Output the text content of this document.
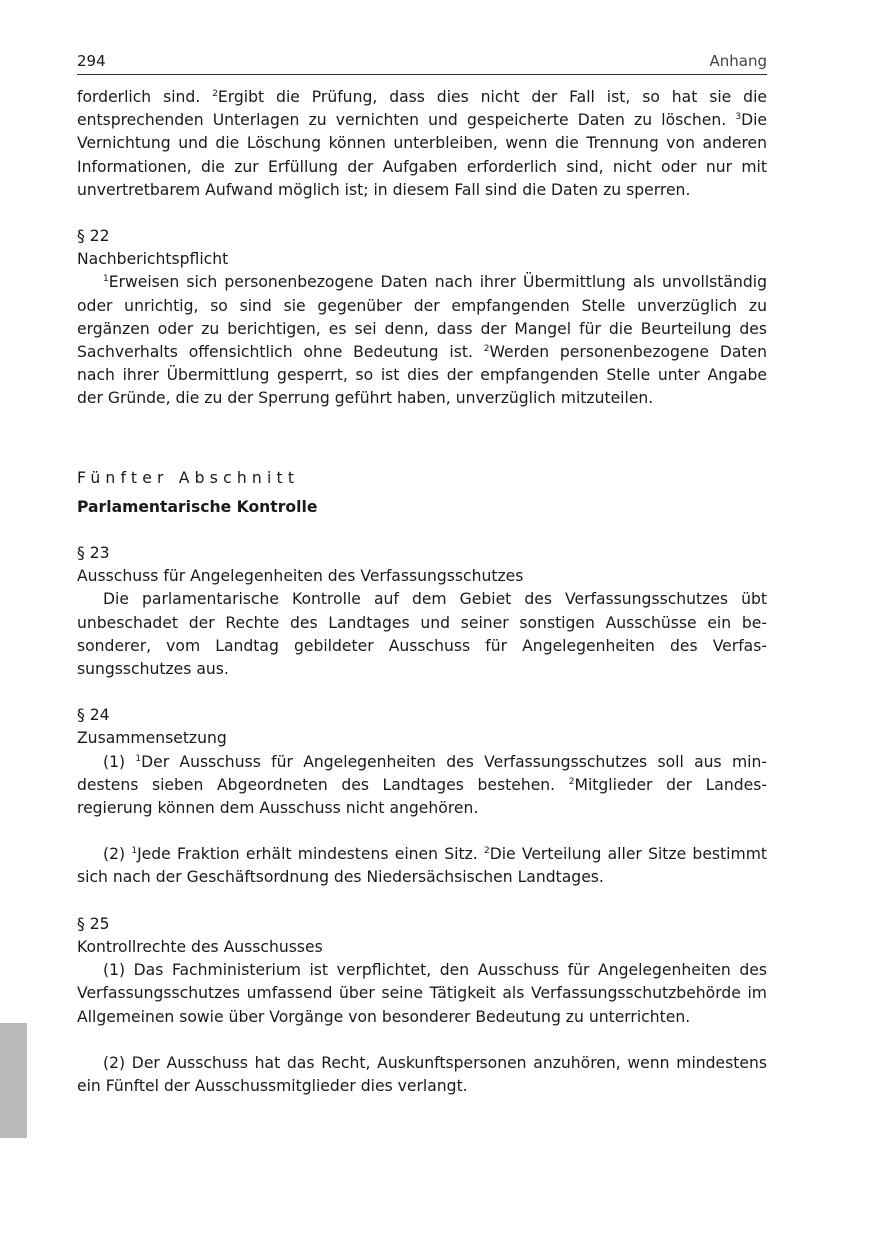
294	Anhang

forderlich sind. $^2$Ergibt die Prüfung, dass dies nicht der Fall ist, so hat sie die entsprechenden Unterlagen zu vernichten und gespeicherte Daten zu löschen. $^3$Die Vernichtung und die Löschung können unterbleiben, wenn die Trennung von anderen Informationen, die zur Erfüllung der Aufgaben erforderlich sind, nicht oder nur mit unvertretbarem Aufwand möglich ist; in diesem Fall sind die Daten zu sperren.

§ 22

Nachberichtspflicht

$^1$Erweisen sich personenbezogene Daten nach ihrer Übermittlung als unvollständig oder unrichtig, so sind sie gegenüber der empfangenden Stelle unverzüglich zu ergänzen oder zu berichtigen, es sei denn, dass der Mangel für die Beurteilung des Sachverhalts offensichtlich ohne Bedeutung ist. $^2$Werden personenbezogene Daten nach ihrer Übermittlung gesperrt, so ist dies der empfangenden Stelle unter Angabe der Gründe, die zu der Sperrung geführt haben, unverzüglich mitzuteilen.

Fünfter Abschnitt

Parlamentarische Kontrolle

§ 23

Ausschuss für Angelegenheiten des Verfassungsschutzes

Die parlamentarische Kontrolle auf dem Gebiet des Verfassungsschutzes übt unbeschadet der Rechte des Landtages und seiner sonstigen Ausschüsse ein besonderer, vom Landtag gebildeter Ausschuss für Angelegenheiten des Verfassungsschutzes aus.

§ 24

Zusammensetzung

(1) $^1$Der Ausschuss für Angelegenheiten des Verfassungsschutzes soll aus mindestens sieben Abgeordneten des Landtages bestehen. $^2$Mitglieder der Landesregierung können dem Ausschuss nicht angehören.

(2) $^1$Jede Fraktion erhält mindestens einen Sitz. $^2$Die Verteilung aller Sitze bestimmt sich nach der Geschäftsordnung des Niedersächsischen Landtages.

§ 25

Kontrollrechte des Ausschusses

(1) Das Fachministerium ist verpflichtet, den Ausschuss für Angelegenheiten des Verfassungsschutzes umfassend über seine Tätigkeit als Verfassungsschutzbehörde im Allgemeinen sowie über Vorgänge von besonderer Bedeutung zu unterrichten.

(2) Der Ausschuss hat das Recht, Auskunftspersonen anzuhören, wenn mindestens ein Fünftel der Ausschussmitglieder dies verlangt.
